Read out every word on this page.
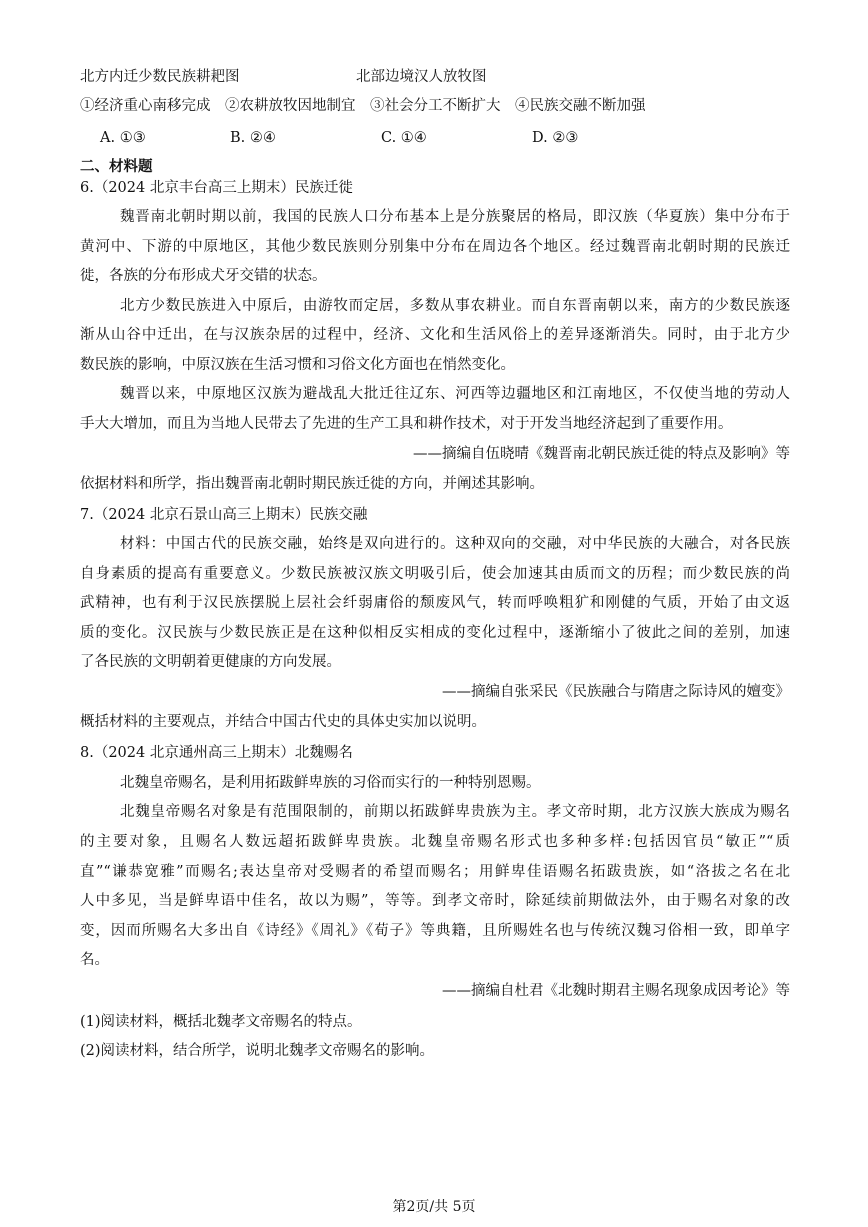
北方内迁少数民族耕耙图	北部边境汉人放牧图
①经济重心南移完成　②农耕放牧因地制宜　③社会分工不断扩大　④民族交融不断加强
A. ①③	B. ②④	C. ①④	D. ②③
二、材料题
6.（2024 北京丰台高三上期末）民族迁徙
魏晋南北朝时期以前，我国的民族人口分布基本上是分族聚居的格局，即汉族（华夏族）集中分布于
黄河中、下游的中原地区，其他少数民族则分别集中分布在周边各个地区。经过魏晋南北朝时期的民族迁
徙，各族的分布形成犬牙交错的状态。
北方少数民族进入中原后，由游牧而定居，多数从事农耕业。而自东晋南朝以来，南方的少数民族逐
渐从山谷中迁出，在与汉族杂居的过程中，经济、文化和生活风俗上的差异逐渐消失。同时，由于北方少
数民族的影响，中原汉族在生活习惯和习俗文化方面也在悄然变化。
魏晋以来，中原地区汉族为避战乱大批迁往辽东、河西等边疆地区和江南地区，不仅使当地的劳动人
手大大增加，而且为当地人民带去了先进的生产工具和耕作技术，对于开发当地经济起到了重要作用。
——摘编自伍晓晴《魏晋南北朝民族迁徙的特点及影响》等
依据材料和所学，指出魏晋南北朝时期民族迁徙的方向，并阐述其影响。
7.（2024 北京石景山高三上期末）民族交融
材料：中国古代的民族交融，始终是双向进行的。这种双向的交融，对中华民族的大融合，对各民族
自身素质的提高有重要意义。少数民族被汉族文明吸引后，使会加速其由质而文的历程；而少数民族的尚
武精神，也有利于汉民族摆脱上层社会纤弱庸俗的颓废风气，转而呼唤粗犷和刚健的气质，开始了由文返
质的变化。汉民族与少数民族正是在这种似相反实相成的变化过程中，逐渐缩小了彼此之间的差别，加速
了各民族的文明朝着更健康的方向发展。
——摘编自张采民《民族融合与隋唐之际诗风的嬗变》
概括材料的主要观点，并结合中国古代史的具体史实加以说明。
8.（2024 北京通州高三上期末）北魏赐名
北魏皇帝赐名，是利用拓跋鲜卑族的习俗而实行的一种特别恩赐。
北魏皇帝赐名对象是有范围限制的，前期以拓跋鲜卑贵族为主。孝文帝时期，北方汉族大族成为赐名
的主要对象，且赐名人数远超拓跋鲜卑贵族。北魏皇帝赐名形式也多种多样:包括因官员“敏正”“质
直”“谦恭宽雅”而赐名;表达皇帝对受赐者的希望而赐名；用鲜卑佳语赐名拓跋贵族，如“洛拔之名在北
人中多见，当是鲜卑语中佳名，故以为赐”，等等。到孝文帝时，除延续前期做法外，由于赐名对象的改
变，因而所赐名大多出自《诗经》《周礼》《荀子》等典籍，且所赐姓名也与传统汉魏习俗相一致，即单字
名。
——摘编自杜君《北魏时期君主赐名现象成因考论》等
(1)阅读材料，概括北魏孝文帝赐名的特点。
(2)阅读材料，结合所学，说明北魏孝文帝赐名的影响。
第2页/共 5页
